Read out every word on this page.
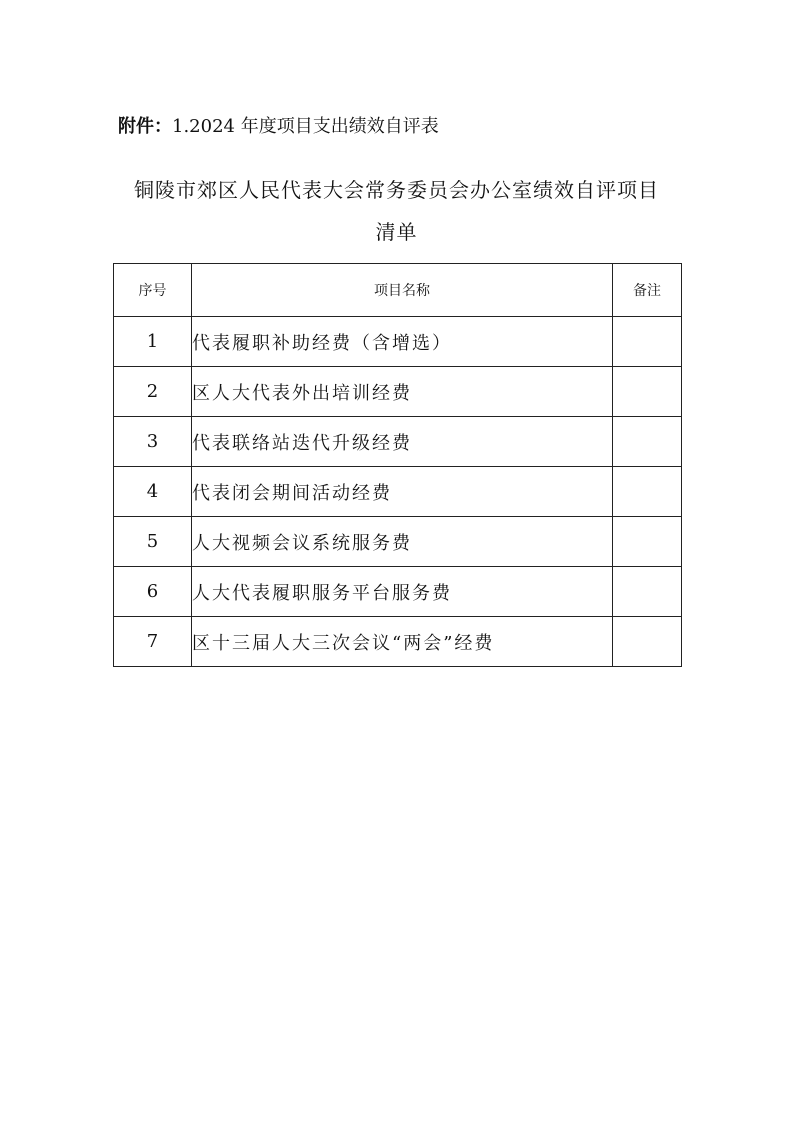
附件：1.2024 年度项目支出绩效自评表
铜陵市郊区人民代表大会常务委员会办公室绩效自评项目
清单
序号	项目名称	备注
1	代表履职补助经费（含增选）	
2	区人大代表外出培训经费	
3	代表联络站迭代升级经费	
4	代表闭会期间活动经费	
5	人大视频会议系统服务费	
6	人大代表履职服务平台服务费	
7	区十三届人大三次会议“两会”经费	
